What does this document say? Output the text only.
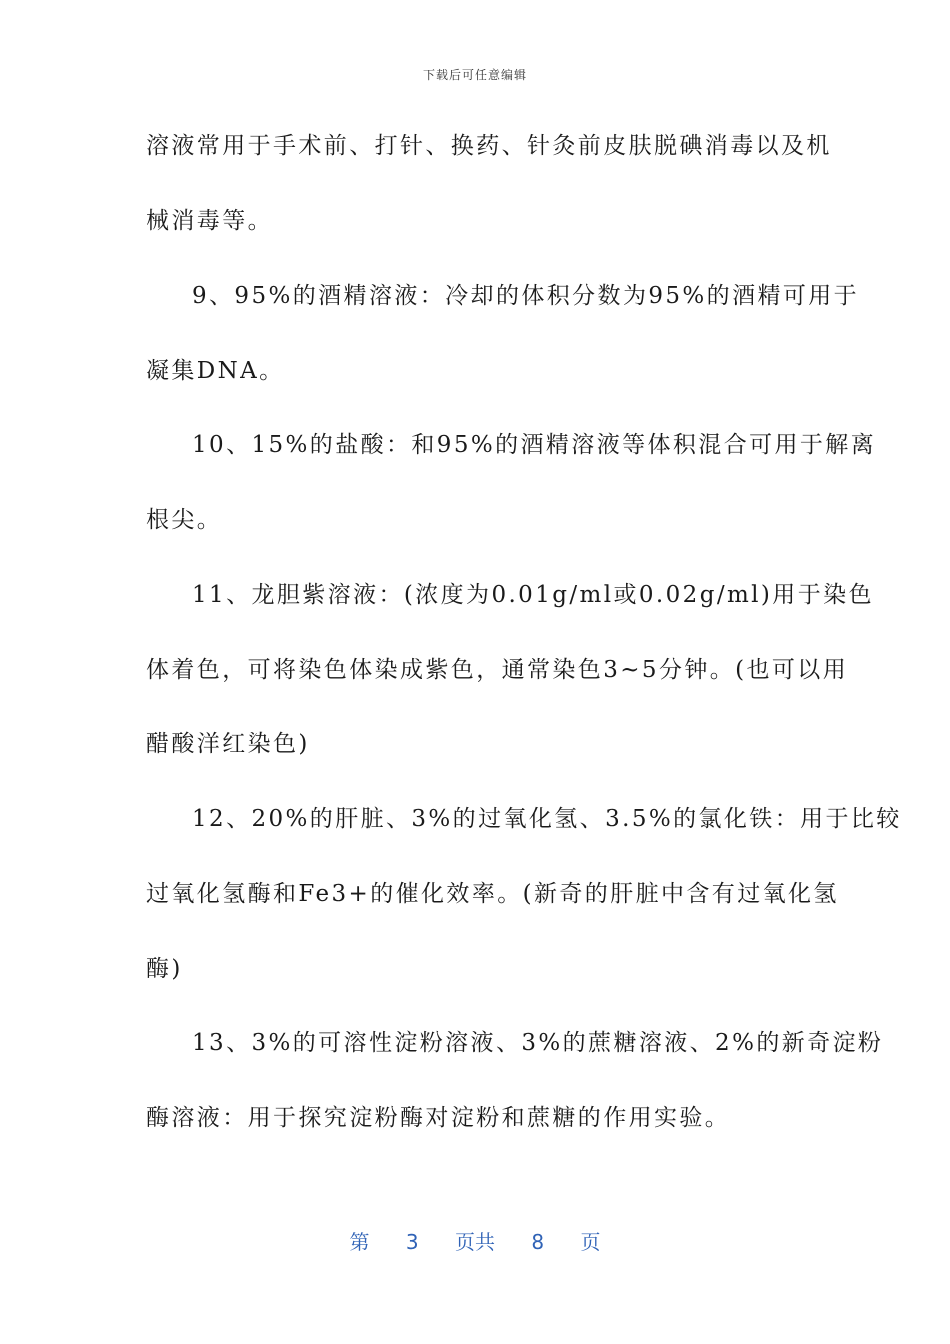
下载后可任意编辑
溶液常用于手术前、打针、换药、针灸前皮肤脱碘消毒以及机
械消毒等。
9、95%的酒精溶液：冷却的体积分数为95%的酒精可用于
凝集DNA。
10、15%的盐酸：和95%的酒精溶液等体积混合可用于解离
根尖。
11、龙胆紫溶液：(浓度为0.01g/ml或0.02g/ml)用于染色
体着色，可将染色体染成紫色，通常染色3~5分钟。(也可以用
醋酸洋红染色)
12、20%的肝脏、3%的过氧化氢、3.5%的氯化铁：用于比较
过氧化氢酶和Fe3+的催化效率。(新奇的肝脏中含有过氧化氢
酶)
13、3%的可溶性淀粉溶液、3%的蔗糖溶液、2%的新奇淀粉
酶溶液：用于探究淀粉酶对淀粉和蔗糖的作用实验。
第 3 页共 8 页
